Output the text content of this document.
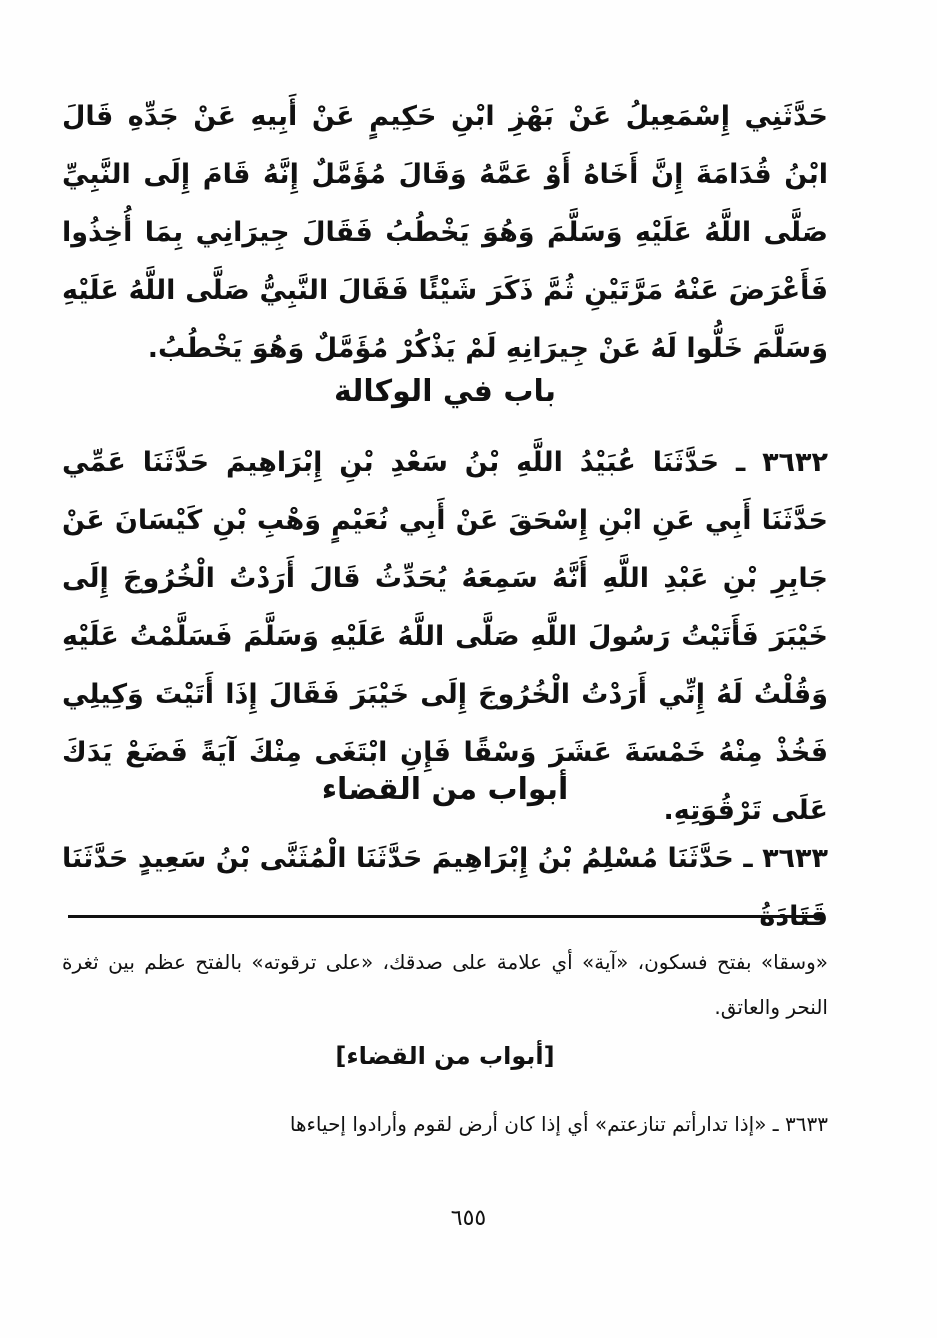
حَدَّثَنِي إِسْمَعِيلُ عَنْ بَهْزِ ابْنِ حَكِيمٍ عَنْ أَبِيهِ عَنْ جَدِّهِ قَالَ ابْنُ قُدَامَةَ إِنَّ أَخَاهُ أَوْ عَمَّهُ وَقَالَ مُؤَمَّلٌ إِنَّهُ قَامَ إِلَى النَّبِيِّ صَلَّى اللَّهُ عَلَيْهِ وَسَلَّمَ وَهُوَ يَخْطُبُ فَقَالَ جِيرَانِي بِمَا أُخِذُوا فَأَعْرَضَ عَنْهُ مَرَّتَيْنِ ثُمَّ ذَكَرَ شَيْئًا فَقَالَ النَّبِيُّ صَلَّى اللَّهُ عَلَيْهِ وَسَلَّمَ خَلُّوا لَهُ عَنْ جِيرَانِهِ لَمْ يَذْكُرْ مُؤَمَّلٌ وَهُوَ يَخْطُبُ.

باب في الوكالة

٣٦٣٢ ـ حَدَّثَنَا عُبَيْدُ اللَّهِ بْنُ سَعْدِ بْنِ إِبْرَاهِيمَ حَدَّثَنَا عَمِّي حَدَّثَنَا أَبِي عَنِ ابْنِ إِسْحَقَ عَنْ أَبِي نُعَيْمٍ وَهْبِ بْنِ كَيْسَانَ عَنْ جَابِرِ بْنِ عَبْدِ اللَّهِ أَنَّهُ سَمِعَهُ يُحَدِّثُ قَالَ أَرَدْتُ الْخُرُوجَ إِلَى خَيْبَرَ فَأَتَيْتُ رَسُولَ اللَّهِ صَلَّى اللَّهُ عَلَيْهِ وَسَلَّمَ فَسَلَّمْتُ عَلَيْهِ وَقُلْتُ لَهُ إِنِّي أَرَدْتُ الْخُرُوجَ إِلَى خَيْبَرَ فَقَالَ إِذَا أَتَيْتَ وَكِيلِي فَخُذْ مِنْهُ خَمْسَةَ عَشَرَ وَسْقًا فَإِنِ ابْتَغَى مِنْكَ آيَةً فَضَعْ يَدَكَ عَلَى تَرْقُوَتِهِ.

أبواب من القضاء

٣٦٣٣ ـ حَدَّثَنَا مُسْلِمُ بْنُ إِبْرَاهِيمَ حَدَّثَنَا الْمُثَنَّى بْنُ سَعِيدٍ حَدَّثَنَا قَتَادَةُ

«وسقا» بفتح فسكون، «آية» أي علامة على صدقك، «على ترقوته» بالفتح عظم بين ثغرة النحر والعاتق.

[أبواب من القضاء]

٣٦٣٣ ـ «إذا تدارأتم تنازعتم» أي إذا كان أرض لقوم وأرادوا إحياءها

٦٥٥
